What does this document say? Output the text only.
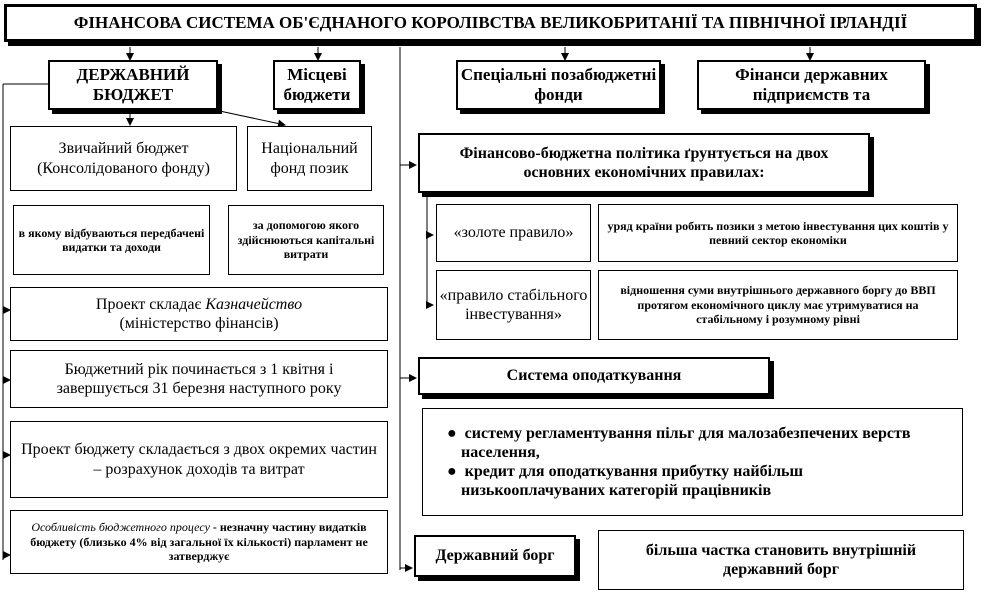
ФІНАНСОВА СИСТЕМА ОБ'ЄДНАНОГО КОРОЛІВСТВА ВЕЛИКОБРИТАНІЇ ТА ПІВНІЧНОЇ ІРЛАНДІЇ
ДЕРЖАВНИЙ БЮДЖЕТ
Місцеві бюджети
Спеціальні позабюджетні фонди
Фінанси державних підприємств та
Звичайний бюджет (Консолідованого фонду)
Національний фонд позик
в якому відбуваються передбачені видатки та доходи
за допомогою якого здійснюються капітальні витрати
Проект складає Казначейство
(міністерство фінансів)
Бюджетний рік починається з 1 квітня і завершується 31 березня наступного року
Проект бюджету складається з двох окремих частин – розрахунок доходів та витрат
Особливість бюджетного процесу - незначну частину видатків бюджету (близько 4% від загальної їх кількості) парламент не затверджує
Фінансово-бюджетна політика ґрунтується на двох основних економічних правилах:
«золоте правило»	уряд країни робить позики з метою інвестування цих коштів у певний сектор економіки
«правило стабільного інвестування»
відношення суми внутрішнього державного боргу до ВВП протягом економічного циклу має утримуватися на стабільному і розумному рівні
Система оподаткування
●  системy регламентування пільг для малозабезпечених верств населення,
●  кредит для оподаткування прибутку найбільш низькооплачуваних категорій працівників
Державний борг	більша частка становить внутрішній державний борг
